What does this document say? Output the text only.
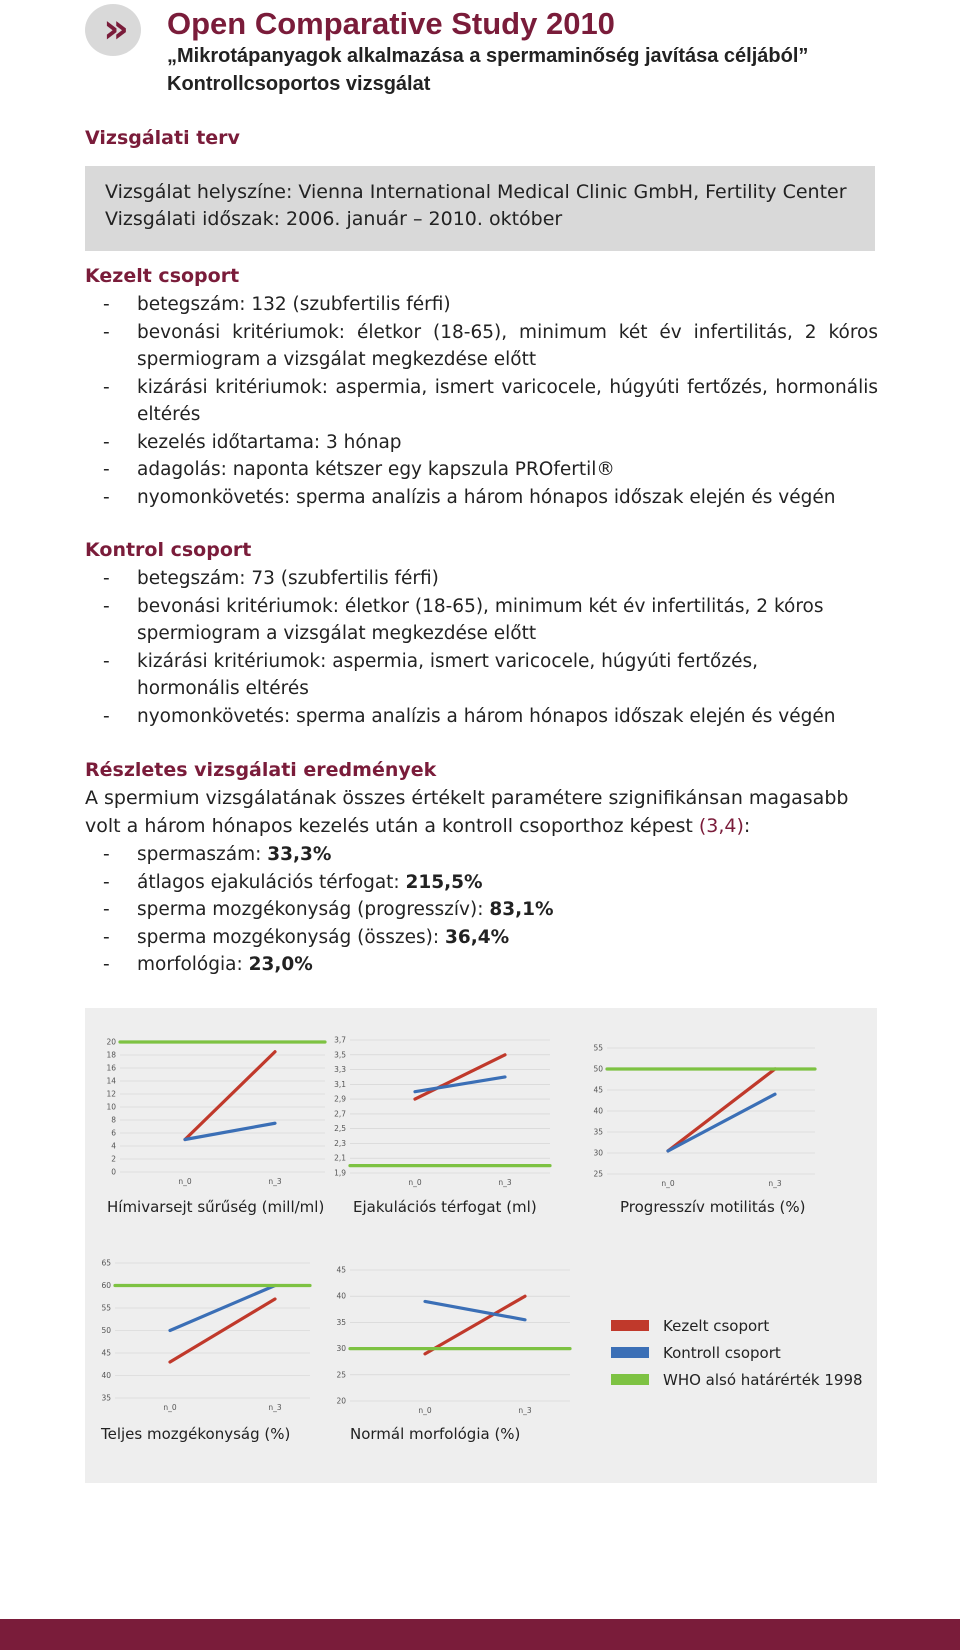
»	Open Comparative Study 2010
„Mikrotápanyagok alkalmazása a spermaminőség javítása céljából”
Kontrollcsoportos vizsgálat
Vizsgálati terv
Vizsgálat helyszíne: Vienna International Medical Clinic GmbH, Fertility Center
Vizsgálati időszak: 2006. január – 2010. október
Kezelt csoport
- betegszám: 132 (szubfertilis férfi)
- bevonási kritériumok: életkor (18-65), minimum két év infertilitás, 2 kóros spermiogram a vizsgálat megkezdése előtt
- kizárási kritériumok: aspermia, ismert varicocele, húgyúti fertőzés, hormonális eltérés
- kezelés időtartama: 3 hónap
- adagolás: naponta kétszer egy kapszula PROfertil®
- nyomonkövetés: sperma analízis a három hónapos időszak elején és végén
Kontrol csoport
- betegszám: 73 (szubfertilis férfi)
- bevonási kritériumok: életkor (18-65), minimum két év infertilitás, 2 kóros spermiogram a vizsgálat megkezdése előtt
- kizárási kritériumok: aspermia, ismert varicocele, húgyúti fertőzés, hormonális eltérés
- nyomonkövetés: sperma analízis a három hónapos időszak elején és végén
Részletes vizsgálati eredmények
A spermium vizsgálatának összes értékelt paramétere szignifikánsan magasabb volt a három hónapos kezelés után a kontroll csoporthoz képest (3,4):
- spermaszám: 33,3%
- átlagos ejakulációs térfogat: 215,5%
- sperma mozgékonyság (progresszív): 83,1%
- sperma mozgékonyság (összes): 36,4%
- morfológia: 23,0%
0
2
4
6
8
10
12
14
16
18
20
n_0	n_3
Hímivarsejt sűrűség (mill/ml)
1,9
2,1
2,3
2,5
2,7
2,9
3,1
3,3
3,5
3,7
n_0	n_3
Ejakulációs térfogat (ml)
25
30
35
40
45
50
55
n_0	n_3
Progresszív motilitás (%)
35
40
45
50
55
60
65
n_0	n_3
Teljes mozgékonyság (%)
20
25
30
35
40
45
n_0	n_3
Normál morfológia (%)
Kezelt csoport
Kontroll csoport
WHO alsó határérték 1998
